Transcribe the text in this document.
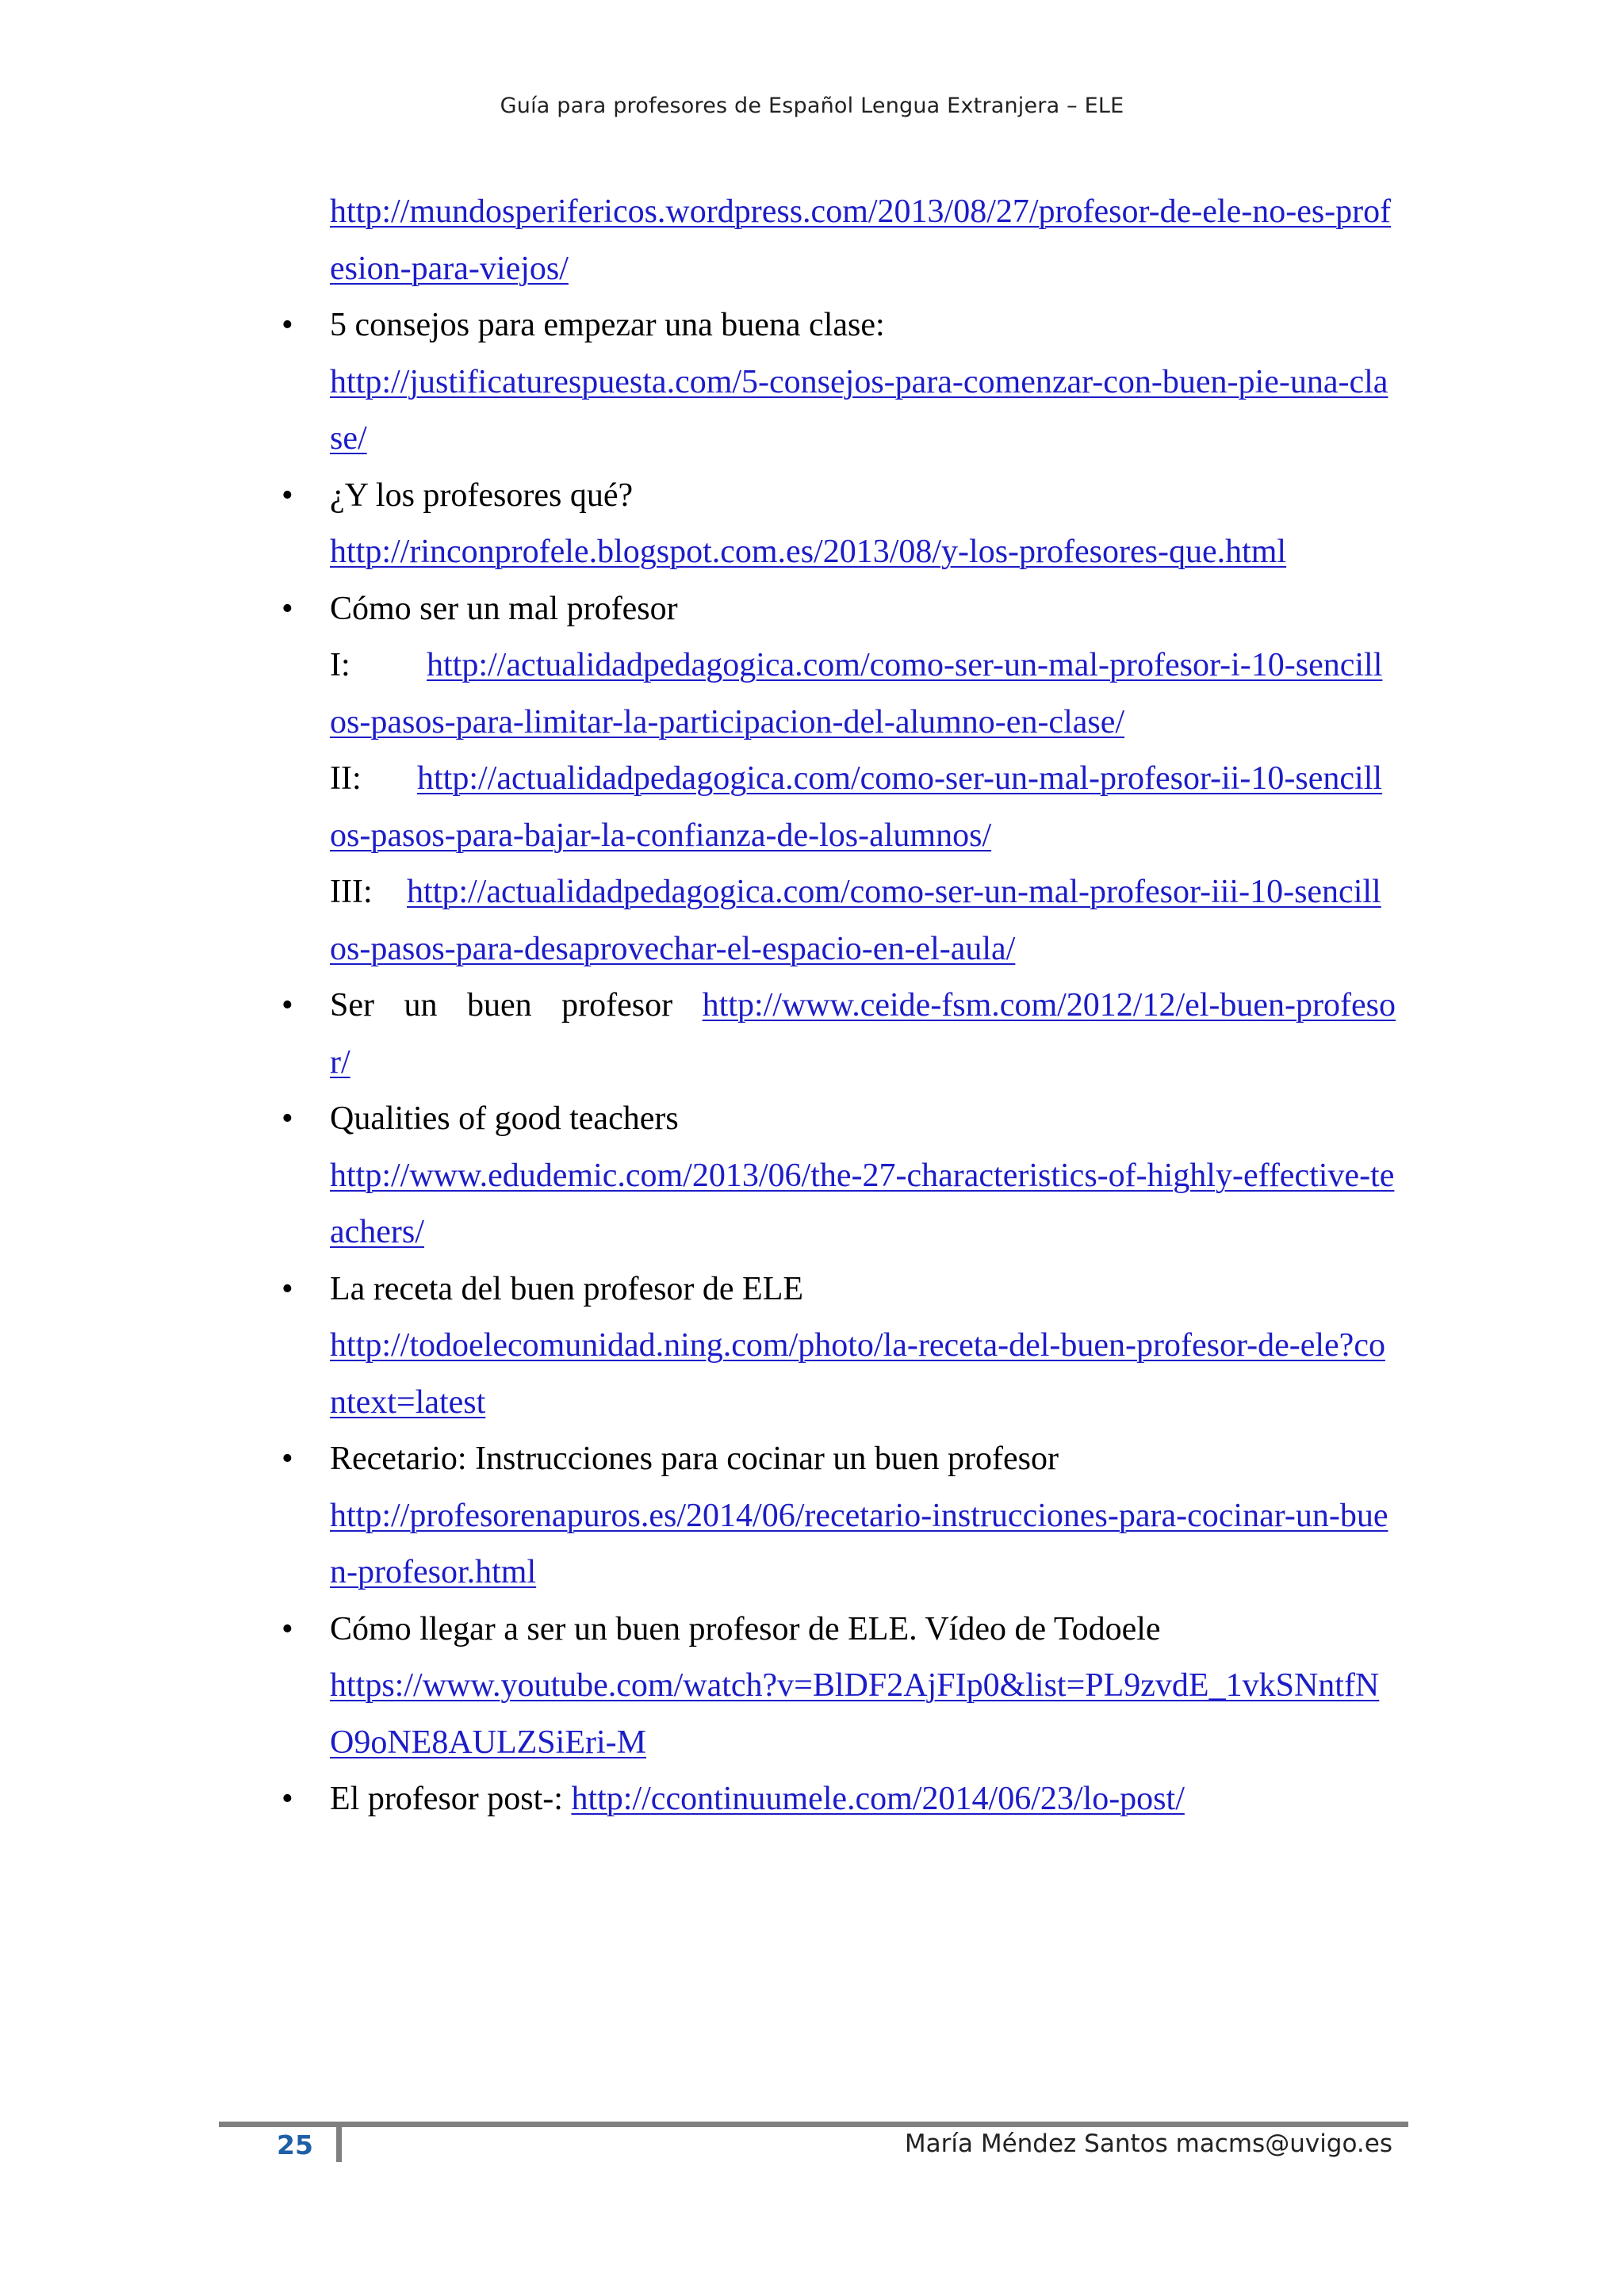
Guía para profesores de Español Lengua Extranjera – ELE

http://mundosperifericos.wordpress.com/2013/08/27/profesor-de-ele-no-es-profesion-para-viejos/

• 5 consejos para empezar una buena clase:
http://justificaturespuesta.com/5-consejos-para-comenzar-con-buen-pie-una-clase/
• ¿Y los profesores qué?
http://rinconprofele.blogspot.com.es/2013/08/y-los-profesores-que.html
• Cómo ser un mal profesor
I: http://actualidadpedagogica.com/como-ser-un-mal-profesor-i-10-sencillos-pasos-para-limitar-la-participacion-del-alumno-en-clase/
II: http://actualidadpedagogica.com/como-ser-un-mal-profesor-ii-10-sencillos-pasos-para-bajar-la-confianza-de-los-alumnos/
III: http://actualidadpedagogica.com/como-ser-un-mal-profesor-iii-10-sencillos-pasos-para-desaprovechar-el-espacio-en-el-aula/
• Ser un buen profesor http://www.ceide-fsm.com/2012/12/el-buen-profesor/
• Qualities of good teachers
http://www.edudemic.com/2013/06/the-27-characteristics-of-highly-effective-teachers/
• La receta del buen profesor de ELE
http://todoelecomunidad.ning.com/photo/la-receta-del-buen-profesor-de-ele?context=latest
• Recetario: Instrucciones para cocinar un buen profesor
http://profesorenapuros.es/2014/06/recetario-instrucciones-para-cocinar-un-buen-profesor.html
• Cómo llegar a ser un buen profesor de ELE. Vídeo de Todoele
https://www.youtube.com/watch?v=BlDF2AjFIp0&list=PL9zvdE_1vkSNntfNO9oNE8AULZSiEri-M
• El profesor post-: http://ccontinuumele.com/2014/06/23/lo-post/
25	María Méndez Santos macms@uvigo.es
